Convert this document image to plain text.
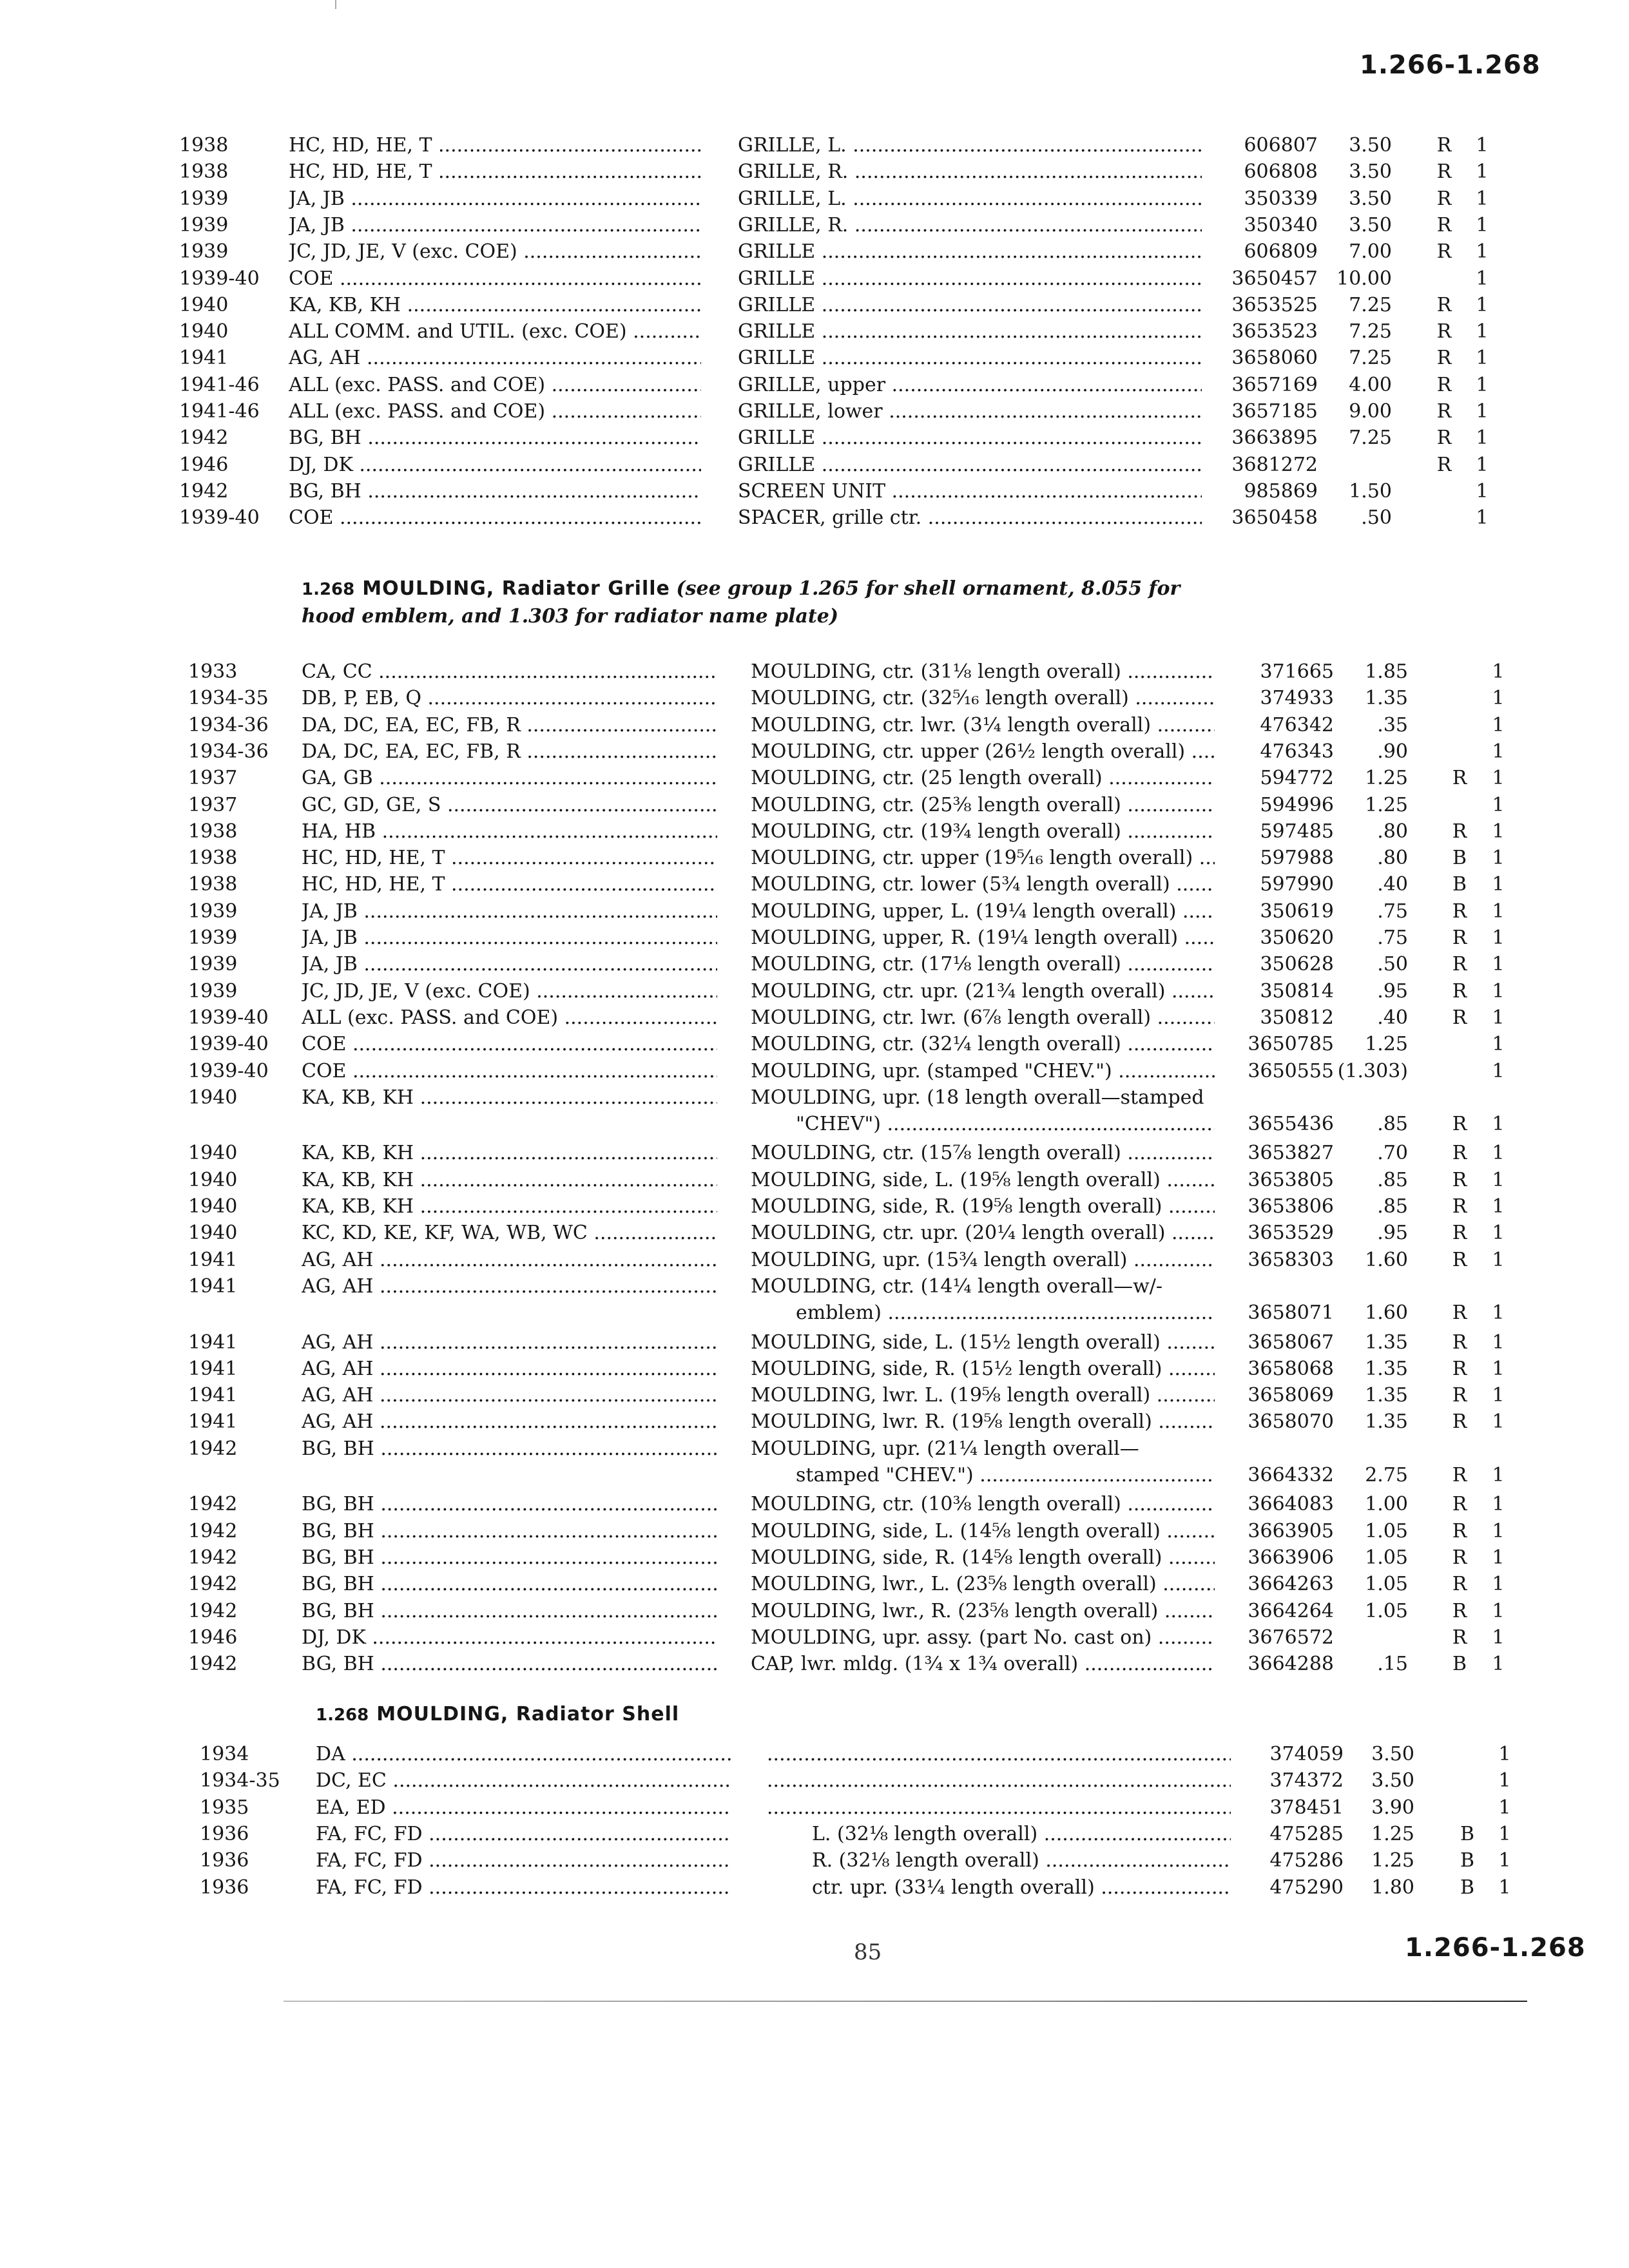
1.266-1.268
1938	HC, HD, HE, T .....	GRILLE, L. .....	606807	3.50 R 1
1938	HC, HD, HE, T .....	GRILLE, R. .....	606808	3.50 R 1
1939	JA, JB .....	GRILLE, L. .....	350339	3.50 R 1
1939	JA, JB .....	GRILLE, R. .....	350340	3.50 R 1
1939	JC, JD, JE, V (exc. COE) .....	GRILLE .....	606809	7.00 R 1
1939-40 COE .....	GRILLE .....	3650457 10.00	1
1940	KA, KB, KH .....	GRILLE .....	3653525	7.25 R 1
1940	ALL COMM. and UTIL. (exc. COE) .....	GRILLE .....	3653523	7.25 R 1
1941	AG, AH .....	GRILLE .....	3658060	7.25 R 1
1941-46 ALL (exc. PASS. and COE) .....	GRILLE, upper .....	3657169	4.00 R 1
1941-46 ALL (exc. PASS. and COE) .....	GRILLE, lower .....	3657185	9.00 R 1
1942	BG, BH .....	GRILLE .....	3663895	7.25 R 1
1946	DJ, DK .....	GRILLE .....	3681272	R 1
1942	BG, BH .....	SCREEN UNIT .....	985869	1.50	1
1939-40 COE .....	SPACER, grille ctr. .....	3650458	.50	1
1.268 MOULDING, Radiator Grille (see group 1.265 for shell ornament, 8.055 for
hood emblem, and 1.303 for radiator name plate)
1933	CA, CC .....	MOULDING, ctr. (31⅛ length overall) .....	371665	1.85	1
1934-35 DB, P, EB, Q .....	MOULDING, ctr. (32⁵⁄₁₆ length overall) .....	374933	1.35	1
1934-36 DA, DC, EA, EC, FB, R .....	MOULDING, ctr. lwr. (3¼ length overall) .....	476342	.35	1
1934-36 DA, DC, EA, EC, FB, R .....	MOULDING, ctr. upper (26½ length overall) .....	476343	.90	1
1937	GA, GB .....	MOULDING, ctr. (25 length overall) .....	594772	1.25 R 1
1937	GC, GD, GE, S .....	MOULDING, ctr. (25⅜ length overall) .....	594996	1.25	1
1938	HA, HB .....	MOULDING, ctr. (19¾ length overall) .....	597485	.80 R 1
1938	HC, HD, HE, T .....	MOULDING, ctr. upper (19⁵⁄₁₆ length overall) .....	597988	.80 B 1
1938	HC, HD, HE, T .....	MOULDING, ctr. lower (5¾ length overall) .....	597990	.40 B 1
1939	JA, JB .....	MOULDING, upper, L. (19¼ length overall) .....	350619	.75 R 1
1939	JA, JB .....	MOULDING, upper, R. (19¼ length overall) .....	350620	.75 R 1
1939	JA, JB .....	MOULDING, ctr. (17⅛ length overall) .....	350628	.50 R 1
1939	JC, JD, JE, V (exc. COE) .....	MOULDING, ctr. upr. (21¾ length overall) .....	350814	.95 R 1
1939-40 ALL (exc. PASS. and COE) .....	MOULDING, ctr. lwr. (6⅞ length overall) .....	350812	.40 R 1
1939-40 COE .....	MOULDING, ctr. (32¼ length overall) .....	3650785	1.25	1
1939-40 COE .....	MOULDING, upr. (stamped "CHEV.") .....	3650555 (1.303)	1
1940	KA, KB, KH .....	MOULDING, upr. (18 length overall—stamped
"CHEV") .....	3655436	.85 R 1
1940	KA, KB, KH .....	MOULDING, ctr. (15⅞ length overall) .....	3653827	.70 R 1
1940	KA, KB, KH .....	MOULDING, side, L. (19⅝ length overall) .....	3653805	.85 R 1
1940	KA, KB, KH .....	MOULDING, side, R. (19⅝ length overall) .....	3653806	.85 R 1
1940	KC, KD, KE, KF, WA, WB, WC .....	MOULDING, ctr. upr. (20¼ length overall) .....	3653529	.95 R 1
1941	AG, AH .....	MOULDING, upr. (15¾ length overall) .....	3658303	1.60 R 1
1941	AG, AH .....	MOULDING, ctr. (14¼ length overall—w/-
emblem) .....	3658071	1.60 R 1
1941	AG, AH .....	MOULDING, side, L. (15½ length overall) .....	3658067	1.35 R 1
1941	AG, AH .....	MOULDING, side, R. (15½ length overall) .....	3658068	1.35 R 1
1941	AG, AH .....	MOULDING, lwr. L. (19⅝ length overall) .....	3658069	1.35 R 1
1941	AG, AH .....	MOULDING, lwr. R. (19⅝ length overall) .....	3658070	1.35 R 1
1942	BG, BH .....	MOULDING, upr. (21¼ length overall—
stamped "CHEV.") .....	3664332	2.75 R 1
1942	BG, BH .....	MOULDING, ctr. (10⅜ length overall) .....	3664083	1.00 R 1
1942	BG, BH .....	MOULDING, side, L. (14⅝ length overall) .....	3663905	1.05 R 1
1942	BG, BH .....	MOULDING, side, R. (14⅝ length overall) .....	3663906	1.05 R 1
1942	BG, BH .....	MOULDING, lwr., L. (23⅝ length overall) .....	3664263	1.05 R 1
1942	BG, BH .....	MOULDING, lwr., R. (23⅝ length overall) .....	3664264	1.05 R 1
1946	DJ, DK .....	MOULDING, upr. assy. (part No. cast on) .....	3676572	R 1
1942	BG, BH .....	CAP, lwr. mldg. (1¾ x 1¾ overall) .....	3664288	.15 B 1
1.268 MOULDING, Radiator Shell
1934	DA ..... .....	374059	3.50	1
1934-35 DC, EC ..... .....	374372	3.50	1
1935	EA, ED ..... .....	378451	3.90	1
1936	FA, FC, FD .....	L. (32⅛ length overall) .....	475285	1.25 B 1
1936	FA, FC, FD .....	R. (32⅛ length overall) .....	475286	1.25 B 1
1936	FA, FC, FD .....	ctr. upr. (33¼ length overall) .....	475290	1.80 B 1
85	1.266-1.268
